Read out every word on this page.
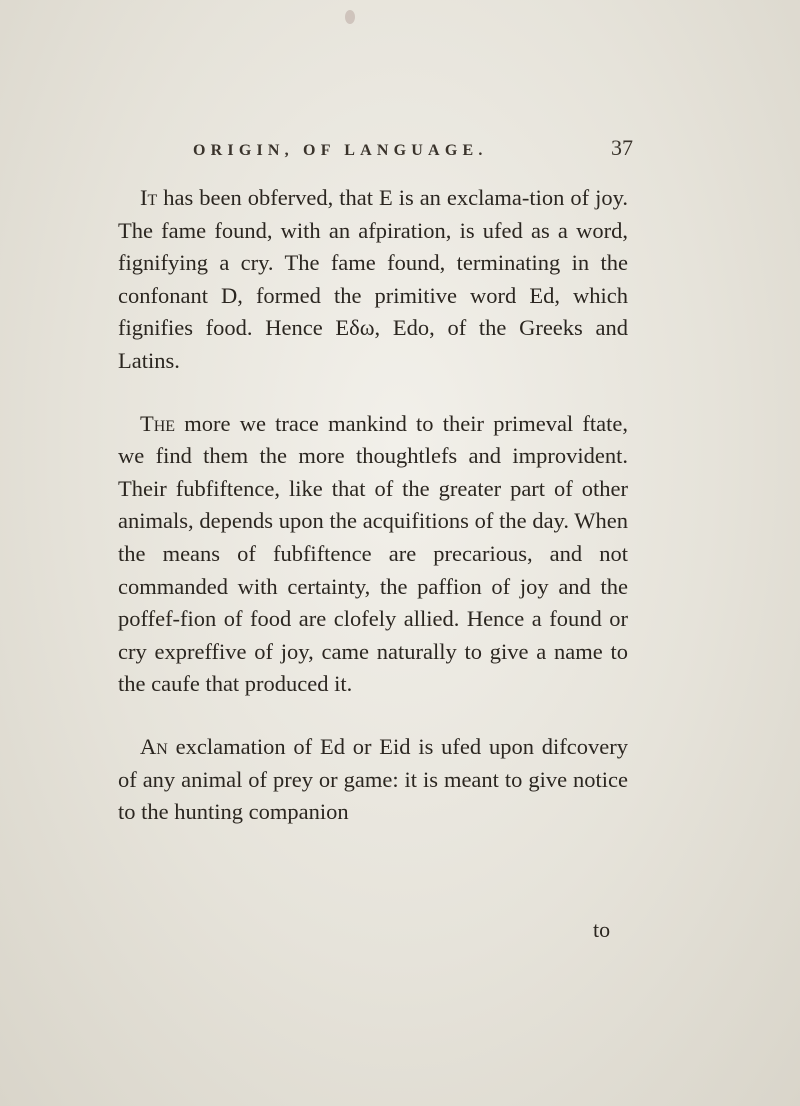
ORIGIN, OF LANGUAGE.	37

It has been obferved, that E is an exclama-tion of joy. The fame found, with an afpiration, is ufed as a word, fignifying a cry. The fame found, terminating in the confonant D, formed the primitive word Ed, which fignifies food. Hence Εδω, Edo, of the Greeks and Latins.

The more we trace mankind to their primeval ftate, we find them the more thoughtlefs and improvident. Their fubfiftence, like that of the greater part of other animals, depends upon the acquifitions of the day. When the means of fubfiftence are precarious, and not commanded with certainty, the paffion of joy and the poffef-fion of food are clofely allied. Hence a found or cry expreffive of joy, came naturally to give a name to the caufe that produced it.

An exclamation of Ed or Eid is ufed upon difcovery of any animal of prey or game: it is meant to give notice to the hunting companion

to
